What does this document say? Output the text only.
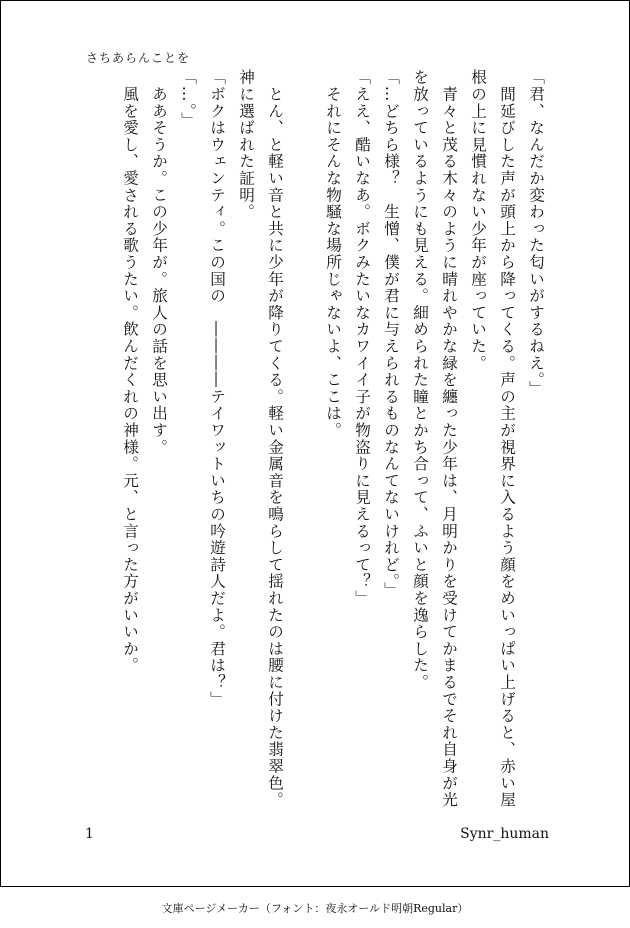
さちあらんことを

「君、なんだか変わった匂いがするねえ。」

　間延びした声が頭上から降ってくる。声の主が視界に入るよう顔をめいっぱい上げると、赤い屋根の上に見慣れない少年が座っていた。

　青々と茂る木々のように晴れやかな緑を纏った少年は、月明かりを受けてかまるでそれ自身が光を放っているようにも見える。細められた瞳とかち合って、ふいと顔を逸らした。

「…どちら様？　生憎、僕が君に与えられるものなんてないけれど。」

「ええ、酷いなあ。ボクみたいなカワイイ子が物盗りに見えるって？」

　それにそんな物騒な場所じゃないよ、ここは。

　とん、と軽い音と共に少年が降りてくる。軽い金属音を鳴らして揺れたのは腰に付けた翡翠色。神に選ばれた証明。

「ボクはウェンティ。この国の　――――テイワットいちの吟遊詩人だよ。君は？」

「…。」

　ああそうか。この少年が。旅人の話を思い出す。

　風を愛し、愛される歌うたい。飲んだくれの神様。元、と言った方がいいか。

1	Synr_human
文庫ページメーカー（フォント：夜永オールド明朝Regular）
